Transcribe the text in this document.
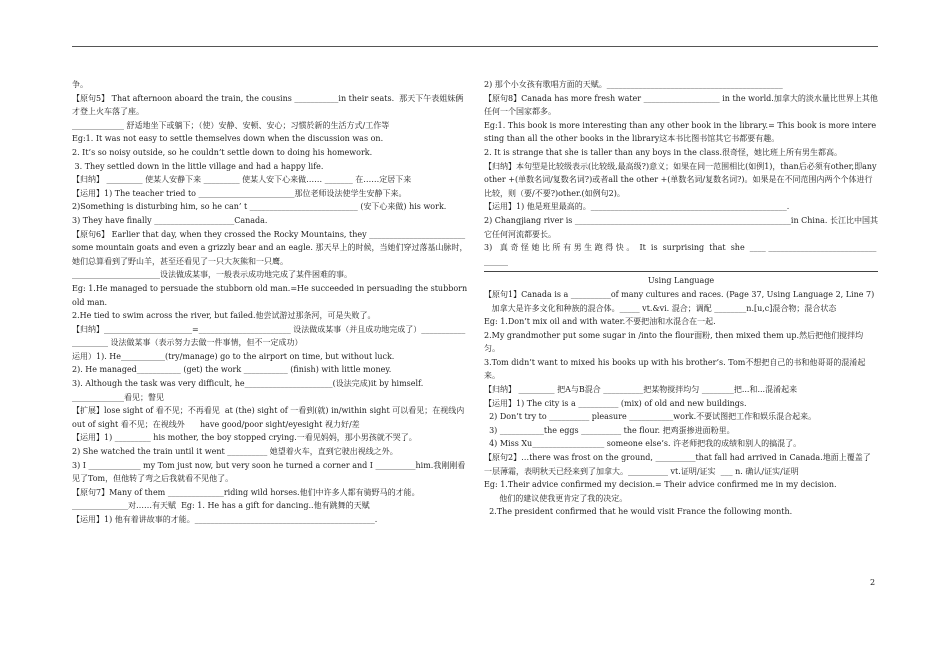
争。

【原句5】 That afternoon aboard the train, the cousins ___________in their seats.  那天下午表姐妹俩才登上火车落了座。

_____________ 舒适地坐下或躺下；（使）安静、安顿、安心；习惯於新的生活方式/工作等

Eg:1. It was not easy to settle themselves down when the discussion was on.

2. It’s so noisy outside, so he couldn’t settle down to doing his homework.

3. They settled down in the little village and had a happy life.

【归纳】 _________ 使某人安静下来 _________ 使某人安下心来做…… _______ 在……定居下来

【运用】1) The teacher tried to ________________________那位老师设法使学生安静下来。

2)Something is disturbing him, so he can’ t ___________________________ (安下心来做) his work.

3) They have finally ____________________Canada.

【原句6】 Earlier that day, when they crossed the Rocky Mountains, they ________________________some mountain goats and even a grizzly bear and an eagle. 那天早上的时候，当她们穿过落基山脉时，她们总算看到了野山羊，甚至还看见了一只大灰熊和一只鹰。

______________________设法做成某事，一般表示成功地完成了某件困难的事。

Eg: 1.He managed to persuade the stubborn old man.=He succeeded in persuading the stubborn old man.

2.He tied to swim across the river, but failed.他尝试游过那条河，可是失败了。

【归纳】______________________=_______________________ 设法做成某事（并且成功地完成了）____________________ 设法做某事（表示努力去做一件事情，但不一定成功）

运用）1). He___________(try/manage) go to the airport on time, but without luck.

2). He managed___________ (get) the work ___________ (finish) with little money.

3). Although the task was very difficult, he______________________(设法完成)it by himself.

_____________看见；瞥见

【扩展】lose sight of 看不见；不再看见  at (the) sight of 一看到(就) in/within sight 可以看见；在视线内    out of sight 看不见；在视线外      have good/poor sight/eyesight 视力好/差

【运用】1) _________ his mother, the boy stopped crying.一看见妈妈，那小男孩就不哭了。

2) She watched the train until it went __________ 她望着火车，直到它驶出视线之外。

3) I _____________ my Tom just now, but very soon he turned a corner and I __________him.我刚刚看见了Tom，但他转了弯之后我就看不见他了。

【原句7】Many of them ______________riding wild horses.他们中许多人都有骑野马的才能。

______________对……有天赋  Eg: 1. He has a gift for dancing..他有跳舞的天赋

【运用】1) 他有着讲故事的才能。_____________________________________________.

2) 那个小女孩有歌唱方面的天赋。____________________________________________

【原句8】Canada has more fresh water ___________________ in the world.加拿大的淡水量比世界上其他任何一个国家都多。

Eg:1. This book is more interesting than any other book in the library.= This book is more interesting than all the other books in the library这本书比图书馆其它书都要有趣。

2. It is strange that she is taller than any boys in the class.很奇怪，她比班上所有男生都高。

【归纳】本句型是比较级表示(比较级,最高级?)意义；如果在同一范围相比(如例1)，than后必须有other,即any other +(单数名词/复数名词?)或者all the other +(单数名词/复数名词?)。如果是在不同范围内两个个体进行比较，则（要/不要?)other.(如例句2)。

【运用】1) 他是班里最高的。_________________________________________________.

2) Changjiang river is ______________________________________________________in China. 长江比中国其它任何河流都要长。

3)   真 奇 怪 她 比 所 有 男 生 跑 得 快 。  It  is  surprising  that  she  ____ _________________________________

Using Language

【原句1】Canada is a __________of many cultures and races. (Page 37, Using Language 2, Line 7)

加拿大是许多文化和种族的混合体。_____ vt.&vi. 混合；调配 ________n.[u,c]混合物；混合状态

Eg: 1.Don’t mix oil and with water.不要把油和水混合在一起.

2.My grandmother put some sugar in /into the flour面粉, then mixed them up.然后把他们搅拌均匀。

3.Tom didn’t want to mixed his books up with his brother’s. Tom不想把自己的书和他哥哥的混淆起来。

【归纳】 _________ 把A与B混合 __________把某物搅拌均匀 ________把...和...混淆起来

【运用】1) The city is a __________ (mix) of old and new buildings.

2) Don’t try to __________ pleasure ___________work.不要试图把工作和娱乐混合起来。

3) ___________the eggs __________ the flour. 把鸡蛋掺进面粉里。

4) Miss Xu__________________ someone else’s. 许老师把我的成绩和别人的搞混了。

【原句2】…there was frost on the ground, __________that fall had arrived in Canada.地面上覆盖了一层薄霜，表明秋天已经来到了加拿大。__________ vt.证明/证实  ___ n. 确认/证实/证明

Eg: 1.Their advice confirmed my decision.= Their advice confirmed me in my decision.

他们的建议使我更肯定了我的决定。

2.The president confirmed that he would visit France the following month.

2
